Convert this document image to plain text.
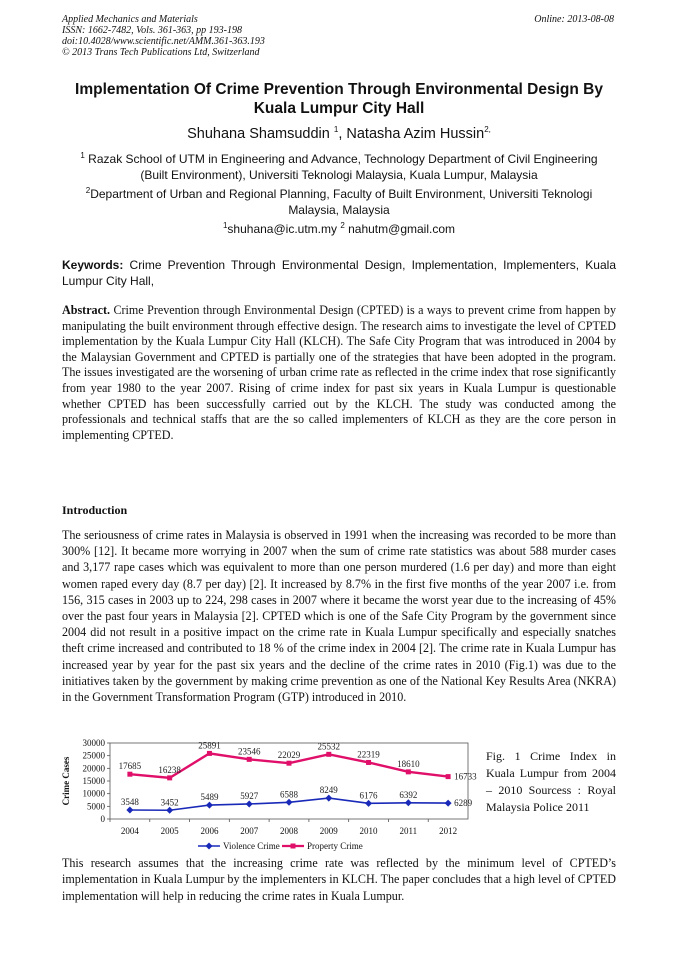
Applied Mechanics and Materials
ISSN: 1662-7482, Vols. 361-363, pp 193-198
doi:10.4028/www.scientific.net/AMM.361-363.193
© 2013 Trans Tech Publications Ltd, Switzerland
Online: 2013-08-08
Implementation Of Crime Prevention Through Environmental Design By
Kuala Lumpur City Hall
Shuhana Shamsuddin $^1$, Natasha Azim Hussin$^{2,}$
$^1$ Razak School of UTM in Engineering and Advance, Technology Department of Civil Engineering
(Built Environment), Universiti Teknologi Malaysia, Kuala Lumpur, Malaysia
$^2$Department of Urban and Regional Planning, Faculty of Built Environment, Universiti Teknologi
Malaysia, Malaysia
$^1$shuhana@ic.utm.my $^2$ nahutm@gmail.com
Keywords: Crime Prevention Through Environmental Design, Implementation, Implementers, Kuala Lumpur City Hall,
Abstract. Crime Prevention through Environmental Design (CPTED) is a ways to prevent crime from happen by manipulating the built environment through effective design. The research aims to investigate the level of CPTED implementation by the Kuala Lumpur City Hall (KLCH). The Safe City Program that was introduced in 2004 by the Malaysian Government and CPTED is partially one of the strategies that have been adopted in the program. The issues investigated are the worsening of urban crime rate as reflected in the crime index that rose significantly from year 1980 to the year 2007. Rising of crime index for past six years in Kuala Lumpur is questionable whether CPTED has been successfully carried out by the KLCH. The study was conducted among the professionals and technical staffs that are the so called implementers of KLCH as they are the core person in implementing CPTED.
Introduction
The seriousness of crime rates in Malaysia is observed in 1991 when the increasing was recorded to be more than 300% [12]. It became more worrying in 2007 when the sum of crime rate statistics was about 588 murder cases and 3,177 rape cases which was equivalent to more than one person murdered (1.6 per day) and more than eight women raped every day (8.7 per day) [2]. It increased by 8.7% in the first five months of the year 2007 i.e. from 156, 315 cases in 2003 up to 224, 298 cases in 2007 where it became the worst year due to the increasing of 45% over the past four years in Malaysia [2]. CPTED which is one of the Safe City Program by the government since 2004 did not result in a positive impact on the crime rate in Kuala Lumpur specifically and especially snatches theft crime increased and contributed to 18 % of the crime index in 2004 [2]. The crime rate in Kuala Lumpur has increased year by year for the past six years and the decline of the crime rates in 2010 (Fig.1) was due to the initiatives taken by the government by making crime prevention as one of the National Key Results Area (NKRA) in the Government Transformation Program (GTP) introduced in 2010.
0
5000
10000
15000
20000
25000
30000
2004 2005 2006 2007 2008 2009 2010 2011 2012
Crime Cases	3548 3452
5489 5927 6588 8249
6176 6392
6289
17685 16238
25891
23546 22029
25532
22319
18610
16733
Violence Crime	Property Crime
Fig. 1 Crime Index in Kuala Lumpur from 2004 – 2010 Sourcess : Royal Malaysia Police 2011
This research assumes that the increasing crime rate was reflected by the minimum level of CPTED’s implementation in Kuala Lumpur by the implementers in KLCH. The paper concludes that a high level of CPTED implementation will help in reducing the crime rates in Kuala Lumpur.
